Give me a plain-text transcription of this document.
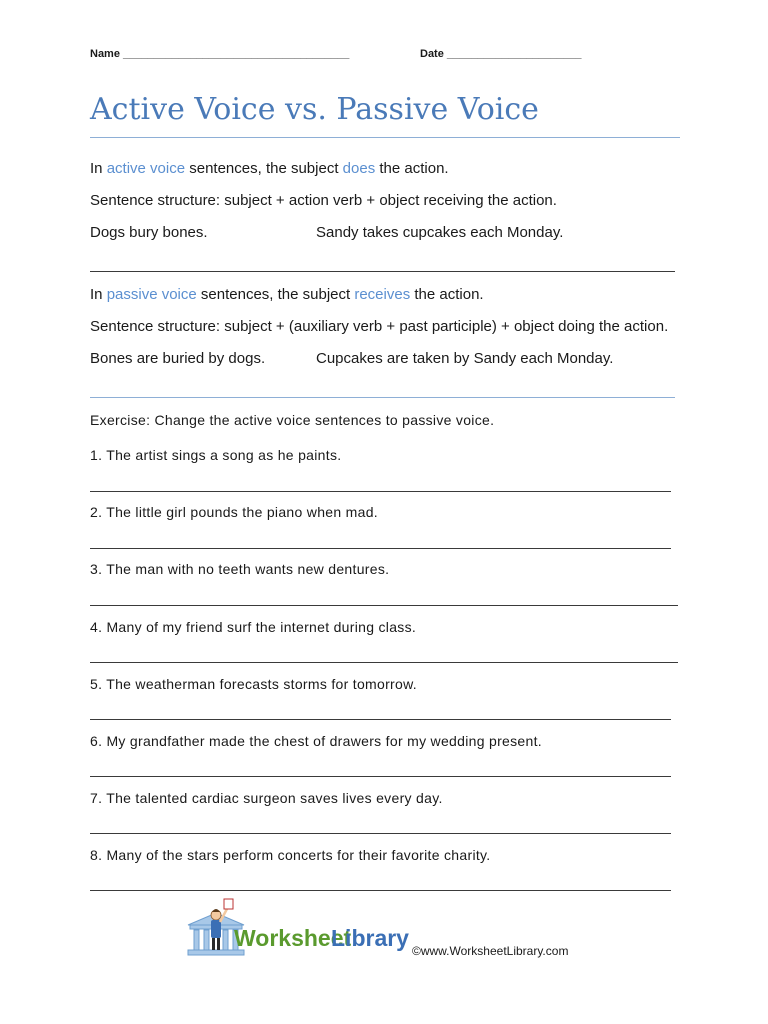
Name _____________________________________	Date ______________________
Active Voice vs. Passive Voice
In active voice sentences, the subject does the action.
Sentence structure: subject + action verb + object receiving the action.
Dogs bury bones.	Sandy takes cupcakes each Monday.
In passive voice sentences, the subject receives the action.
Sentence structure: subject + (auxiliary verb + past participle) + object doing the action.
Bones are buried by dogs.	Cupcakes are taken by Sandy each Monday.
Exercise: Change the active voice sentences to passive voice.
1. The artist sings a song as he paints.
2. The little girl pounds the piano when mad.
3. The man with no teeth wants new dentures.
4. Many of my friend surf the internet during class.
5. The weatherman forecasts storms for tomorrow.
6. My grandfather made the chest of drawers for my wedding present.
7. The talented cardiac surgeon saves lives every day.
8. Many of the stars perform concerts for their favorite charity.
Worksheet
Library ©www.WorksheetLibrary.com
